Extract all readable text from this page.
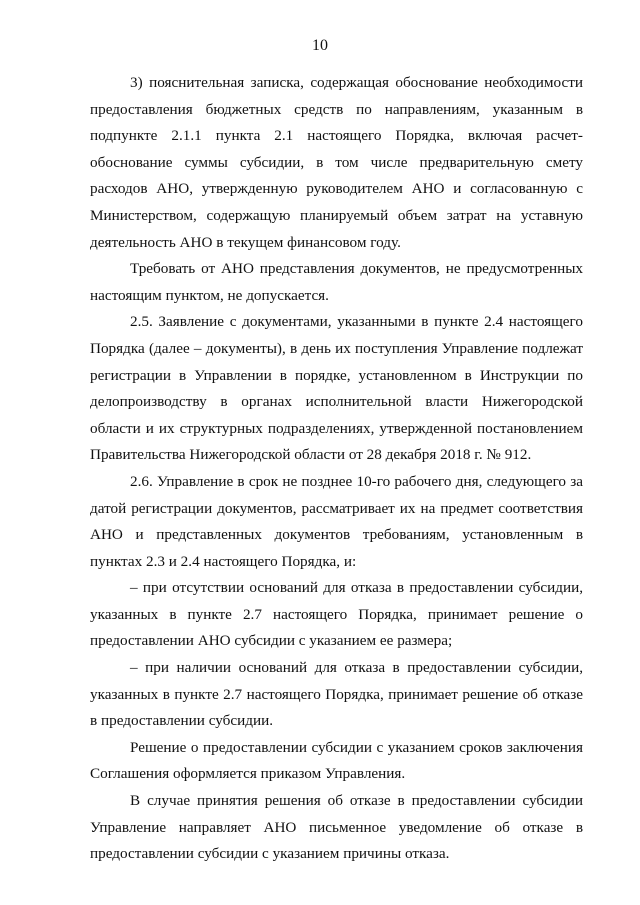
10

3) пояснительная записка, содержащая обоснование необходимости предоставления бюджетных средств по направлениям, указанным в подпункте 2.1.1 пункта 2.1 настоящего Порядка, включая расчет-обоснование суммы субсидии, в том числе предварительную смету расходов АНО, утвержденную руководителем АНО и согласованную с Министерством, содержащую планируемый объем затрат на уставную деятельность АНО в текущем финансовом году.

Требовать от АНО представления документов, не предусмотренных настоящим пунктом, не допускается.

2.5. Заявление с документами, указанными в пункте 2.4 настоящего Порядка (далее – документы), в день их поступления Управление подлежат регистрации в Управлении в порядке, установленном в Инструкции по делопроизводству в органах исполнительной власти Нижегородской области и их структурных подразделениях, утвержденной постановлением Правительства Нижегородской области от 28 декабря 2018 г. № 912.

2.6. Управление в срок не позднее 10-го рабочего дня, следующего за датой регистрации документов, рассматривает их на предмет соответствия АНО и представленных документов требованиям, установленным в пунктах 2.3 и 2.4 настоящего Порядка, и:

– при отсутствии оснований для отказа в предоставлении субсидии, указанных в пункте 2.7 настоящего Порядка, принимает решение о предоставлении АНО субсидии с указанием ее размера;

– при наличии оснований для отказа в предоставлении субсидии, указанных в пункте 2.7 настоящего Порядка, принимает решение об отказе в предоставлении субсидии.

Решение о предоставлении субсидии с указанием сроков заключения Соглашения оформляется приказом Управления.

В случае принятия решения об отказе в предоставлении субсидии Управление направляет АНО письменное уведомление об отказе в предоставлении субсидии с указанием причины отказа.
